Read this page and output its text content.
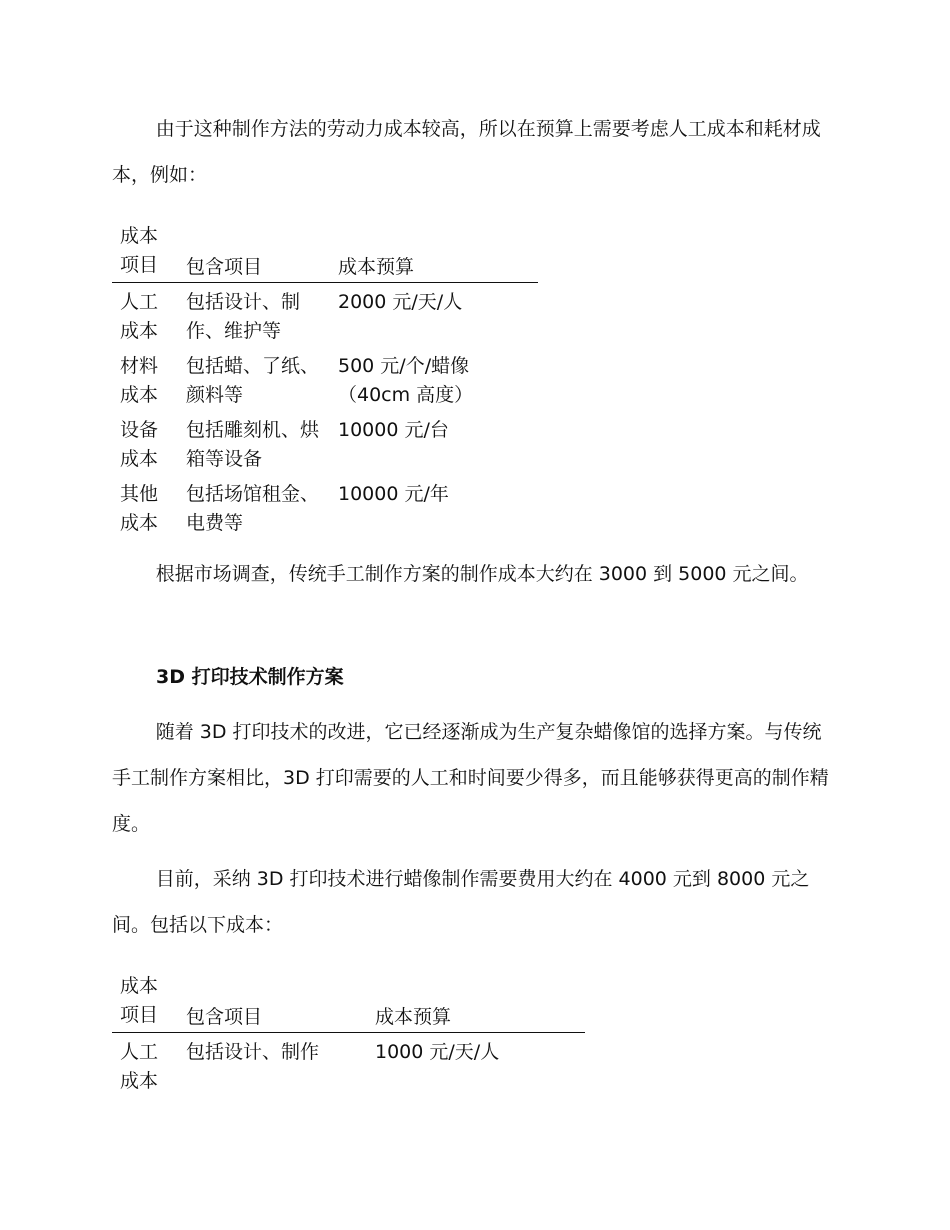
由于这种制作方法的劳动力成本较高，所以在预算上需要考虑人工成本和耗材成本，例如：

成本项目	包含项目	成本预算
人工成本	包括设计、制作、维护等	2000 元/天/人
材料成本	包括蜡、了纸、颜料等	500 元/个/蜡像（40cm 高度）
设备成本	包括雕刻机、烘箱等设备	10000 元/台
其他成本	包括场馆租金、电费等	10000 元/年

根据市场调查，传统手工制作方案的制作成本大约在 3000 到 5000 元之间。

3D 打印技术制作方案

随着 3D 打印技术的改进，它已经逐渐成为生产复杂蜡像馆的选择方案。与传统手工制作方案相比，3D 打印需要的人工和时间要少得多，而且能够获得更高的制作精度。

目前，采纳 3D 打印技术进行蜡像制作需要费用大约在 4000 元到 8000 元之间。包括以下成本：

成本项目	包含项目	成本预算
人工成本	包括设计、制作	1000 元/天/人
